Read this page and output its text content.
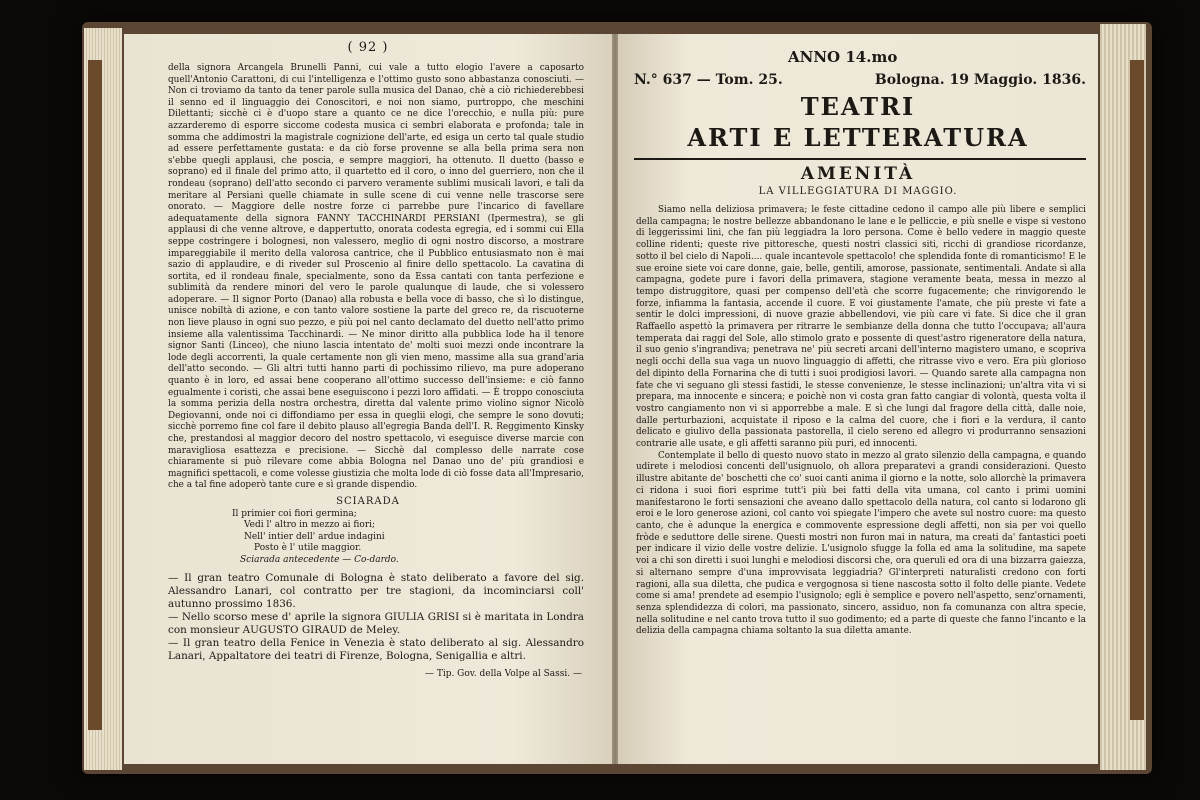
( 92 )
della signora Arcangela Brunelli Panni, cui vale a tutto elogio l'avere a caposarto quell'Antonio Carattoni, di cui l'intelligenza e l'ottimo gusto sono abbastanza conosciuti. — Non ci troviamo da tanto da tener parole sulla musica del Danao, chè a ciò richiederebbesi il senno ed il linguaggio dei Conoscitori, e noi non siamo, purtroppo, che meschini Dilettanti; sicchè ci è d'uopo stare a quanto ce ne dice l'orecchio, e nulla più: pure azzarderemo di esporre siccome codesta musica ci sembri elaborata e profonda; tale in somma che addimostri la magistrale cognizione dell'arte, ed esiga un certo tal quale studio ad essere perfettamente gustata: e da ciò forse provenne se alla bella prima sera non s'ebbe quegli applausi, che poscia, e sempre maggiori, ha ottenuto. Il duetto (basso e soprano) ed il finale del primo atto, il quartetto ed il coro, o inno del guerriero, non che il rondeau (soprano) dell'atto secondo ci parvero veramente sublimi musicali lavori, e tali da meritare al Persiani quelle chiamate in sulle scene di cui venne nelle trascorse sere onorato. — Maggiore delle nostre forze ci parrebbe pure l'incarico di favellare adequatamente della signora FANNY TACCHINARDI PERSIANI (Ipermestra), se gli applausi di che venne altrove, e dappertutto, onorata codesta egregia, ed i sommi cui Ella seppe costringere i bolognesi, non valessero, meglio di ogni nostro discorso, a mostrare impareggiabile il merito della valorosa cantrice, che il Pubblico entusiasmato non è mai sazio di applaudire, e di riveder sul Proscenio al finire dello spettacolo. La cavatina di sortita, ed il rondeau finale, specialmente, sono da Essa cantati con tanta perfezione e sublimità da rendere minori del vero le parole qualunque di laude, che si volessero adoperare. — Il signor Porto (Danao) alla robusta e bella voce di basso, che sì lo distingue, unisce nobiltà di azione, e con tanto valore sostiene la parte del greco re, da riscuoterne non lieve plauso in ogni suo pezzo, e più poi nel canto declamato del duetto nell'atto primo insieme alla valentissima Tacchinardi. — Ne minor diritto alla pubblica lode ha il tenore signor Santi (Linceo), che niuno lascia intentato de' molti suoi mezzi onde incontrare la lode degli accorrenti, la quale certamente non gli vien meno, massime alla sua grand'aria dell'atto secondo. — Gli altri tutti hanno parti di pochissimo rilievo, ma pure adoperano quanto è in loro, ed assai bene cooperano all'ottimo successo dell'insieme: e ciò fanno egualmente i coristi, che assai bene eseguiscono i pezzi loro affidati. — È troppo conosciuta la somma perizia della nostra orchestra, diretta dal valente primo violino signor Nicolò Degiovanni, onde noi ci diffondiamo per essa in queglii elogi, che sempre le sono dovuti; sicchè porremo fine col fare il debito plauso all'egregia Banda dell'I. R. Reggimento Kinsky che, prestandosi al maggior decoro del nostro spettacolo, vi eseguisce diverse marcie con maravigliosa esattezza e precisione. — Sicchè dal complesso delle narrate cose chiaramente si può rilevare come abbia Bologna nel Danao uno de' più grandiosi e magnifici spettacoli, e come volesse giustizia che molta lode di ciò fosse data all'Impresario, che a tal fine adoperò tante cure e sì grande dispendio.
SCIARADA
Il primier coi fiori germina;
Vedi l' altro in mezzo ai fiori;
Nell' intier dell' ardue indagini
Posto è l' utile maggior.
Sciarada antecedente — Co-dardo.
— Il gran teatro Comunale di Bologna è stato deliberato a favore del sig. Alessandro Lanari, col contratto per tre stagioni, da incominciarsi coll' autunno prossimo 1836.
— Nello scorso mese d' aprile la signora GIULIA GRISI si è maritata in Londra con monsieur AUGUSTO GIRAUD de Meley.
— Il gran teatro della Fenice in Venezia è stato deliberato al sig. Alessandro Lanari, Appaltatore dei teatri di Firenze, Bologna, Senigallia e altri.
— Tip. Gov. della Volpe al Sassi. —
ANNO 14.mo
N.° 637 — Tom. 25.	Bologna. 19 Maggio. 1836.
TEATRI
ARTI E LETTERATURA
AMENITÀ
LA VILLEGGIATURA DI MAGGIO.

Siamo nella deliziosa primavera; le feste cittadine cedono il campo alle più libere e semplici della campagna; le nostre bellezze abbandonano le lane e le pelliccie, e più snelle e vispe si vestono di leggerissimi lini, che fan più leggiadra la loro persona. Come è bello vedere in maggio queste colline ridenti; queste rive pittoresche, questi nostri classici siti, ricchi di grandiose ricordanze, sotto il bel cielo di Napoli.... quale incantevole spettacolo! che splendida fonte di romanticismo! E le sue eroine siete voi care donne, gaie, belle, gentili, amorose, passionate, sentimentali. Andate sì alla campagna, godete pure i favori della primavera, stagione veramente beata, messa in mezzo al tempo distruggitore, quasi per compenso dell'età che scorre fugacemente; che rinvigorendo le forze, infiamma la fantasia, accende il cuore. E voi giustamente l'amate, che più preste vi fate a sentir le dolci impressioni, di nuove grazie abbellendovi, vie più care vi fate. Si dice che il gran Raffaello aspettò la primavera per ritrarre le sembianze della donna che tutto l'occupava; all'aura temperata dai raggi del Sole, allo stimolo grato e possente di quest'astro rigeneratore della natura, il suo genio s'ingrandiva; penetrava ne' più secreti arcani dell'interno magistero umano, e scopriva negli occhi della sua vaga un nuovo linguaggio di affetti, che ritrasse vivo e vero. Era più glorioso del dipinto della Fornarina che di tutti i suoi prodigiosi lavori. — Quando sarete alla campagna non fate che vi seguano gli stessi fastidi, le stesse convenienze, le stesse inclinazioni; un'altra vita vi si prepara, ma innocente e sincera; e poichè non vi costa gran fatto cangiar di volontà, questa volta il vostro cangiamento non vi si apporrebbe a male. E sì che lungi dal fragore della città, dalle noie, dalle perturbazioni, acquistate il riposo e la calma del cuore, che i fiori e la verdura, il canto delicato e giulivo della passionata pastorella, il cielo sereno ed allegro vi produrranno sensazioni contrarie alle usate, e gli affetti saranno più puri, ed innocenti.

Contemplate il bello di questo nuovo stato in mezzo al grato silenzio della campagna, e quando udirete i melodiosi concenti dell'usignuolo, oh allora preparatevi a grandi considerazioni. Questo illustre abitante de' boschetti che co' suoi canti anima il giorno e la notte, solo allorchè la primavera ci ridona i suoi fiori esprime tutt'i più bei fatti della vita umana, col canto i primi uomini manifestarono le forti sensazioni che aveano dallo spettacolo della natura, col canto si lodarono gli eroi e le loro generose azioni, col canto voi spiegate l'impero che avete sul nostro cuore: ma questo canto, che è adunque la energica e commovente espressione degli affetti, non sia per voi quello fròde e seduttore delle sirene. Questi mostri non furon mai in natura, ma creati da' fantastici poeti per indicare il vizio delle vostre delizie. L'usignolo sfugge la folla ed ama la solitudine, ma sapete voi a chi son diretti i suoi lunghi e melodiosi discorsi che, ora queruli ed ora di una bizzarra gaiezza, si alternano sempre d'una improvvisata leggiadria? Gl'interpreti naturalisti credono con forti ragioni, alla sua diletta, che pudica e vergognosa si tiene nascosta sotto il folto delle piante. Vedete come si ama! prendete ad esempio l'usignolo; egli è semplice e povero nell'aspetto, senz'ornamenti, senza splendidezza di colori, ma passionato, sincero, assiduo, non fa comunanza con altra specie, nella solitudine e nel canto trova tutto il suo godimento; ed a parte di queste che fanno l'incanto e la delizia della campagna chiama soltanto la sua diletta amante.
